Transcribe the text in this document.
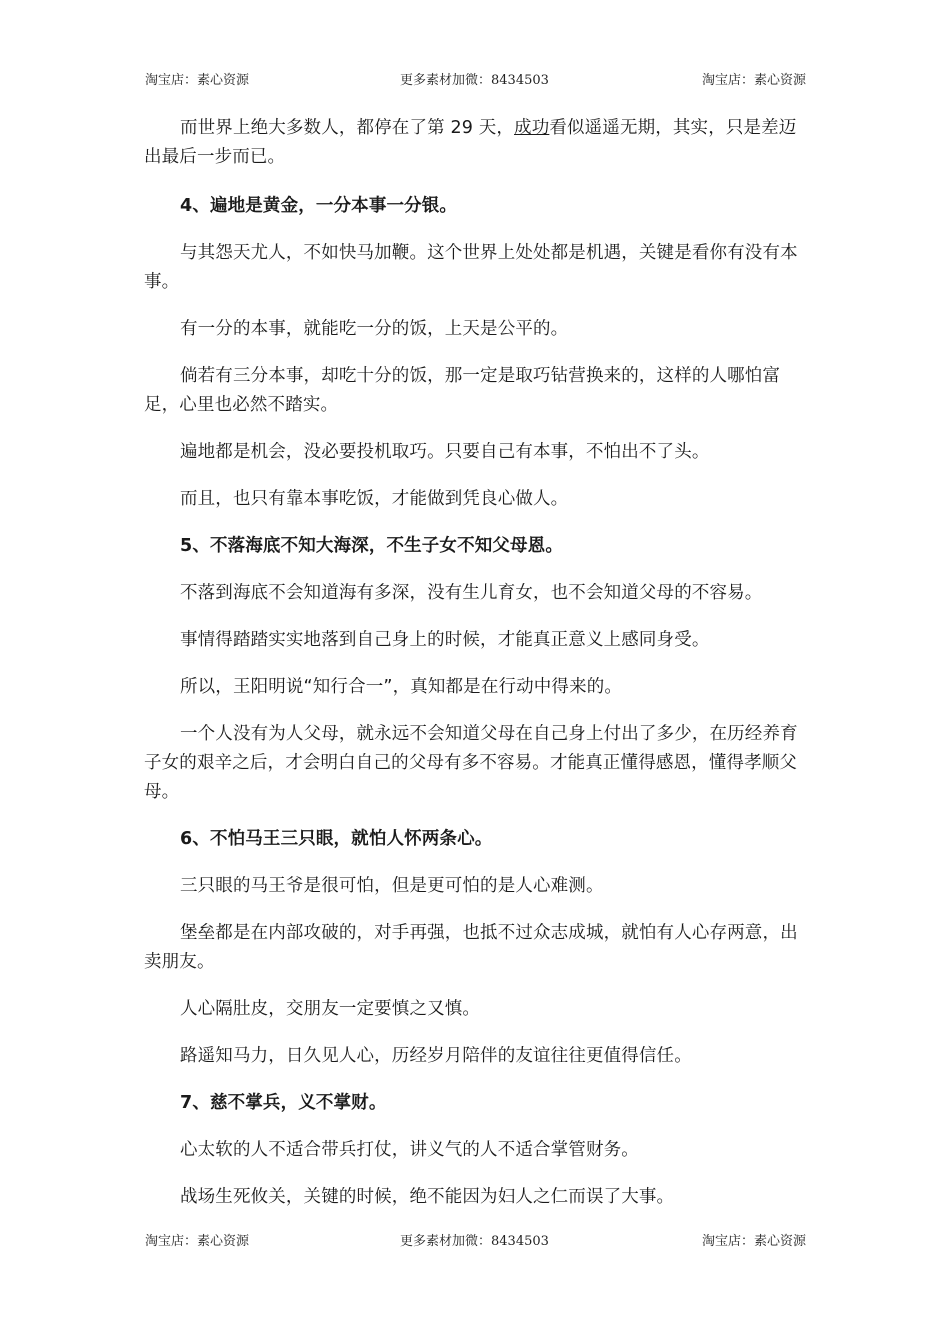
淘宝店：素心资源	更多素材加微：8434503	淘宝店：素心资源

而世界上绝大多数人，都停在了第 29 天，成功看似遥遥无期，其实，只是差迈出最后一步而已。

4、遍地是黄金，一分本事一分银。

与其怨天尤人，不如快马加鞭。这个世界上处处都是机遇，关键是看你有没有本事。

有一分的本事，就能吃一分的饭，上天是公平的。

倘若有三分本事，却吃十分的饭，那一定是取巧钻营换来的，这样的人哪怕富足，心里也必然不踏实。

遍地都是机会，没必要投机取巧。只要自己有本事，不怕出不了头。

而且，也只有靠本事吃饭，才能做到凭良心做人。

5、不落海底不知大海深，不生子女不知父母恩。

不落到海底不会知道海有多深，没有生儿育女，也不会知道父母的不容易。

事情得踏踏实实地落到自己身上的时候，才能真正意义上感同身受。

所以，王阳明说“知行合一”，真知都是在行动中得来的。

一个人没有为人父母，就永远不会知道父母在自己身上付出了多少，在历经养育子女的艰辛之后，才会明白自己的父母有多不容易。才能真正懂得感恩，懂得孝顺父母。

6、不怕马王三只眼，就怕人怀两条心。

三只眼的马王爷是很可怕，但是更可怕的是人心难测。

堡垒都是在内部攻破的，对手再强，也抵不过众志成城，就怕有人心存两意，出卖朋友。

人心隔肚皮，交朋友一定要慎之又慎。

路遥知马力，日久见人心，历经岁月陪伴的友谊往往更值得信任。

7、慈不掌兵，义不掌财。

心太软的人不适合带兵打仗，讲义气的人不适合掌管财务。

战场生死攸关，关键的时候，绝不能因为妇人之仁而误了大事。

淘宝店：素心资源	更多素材加微：8434503	淘宝店：素心资源
